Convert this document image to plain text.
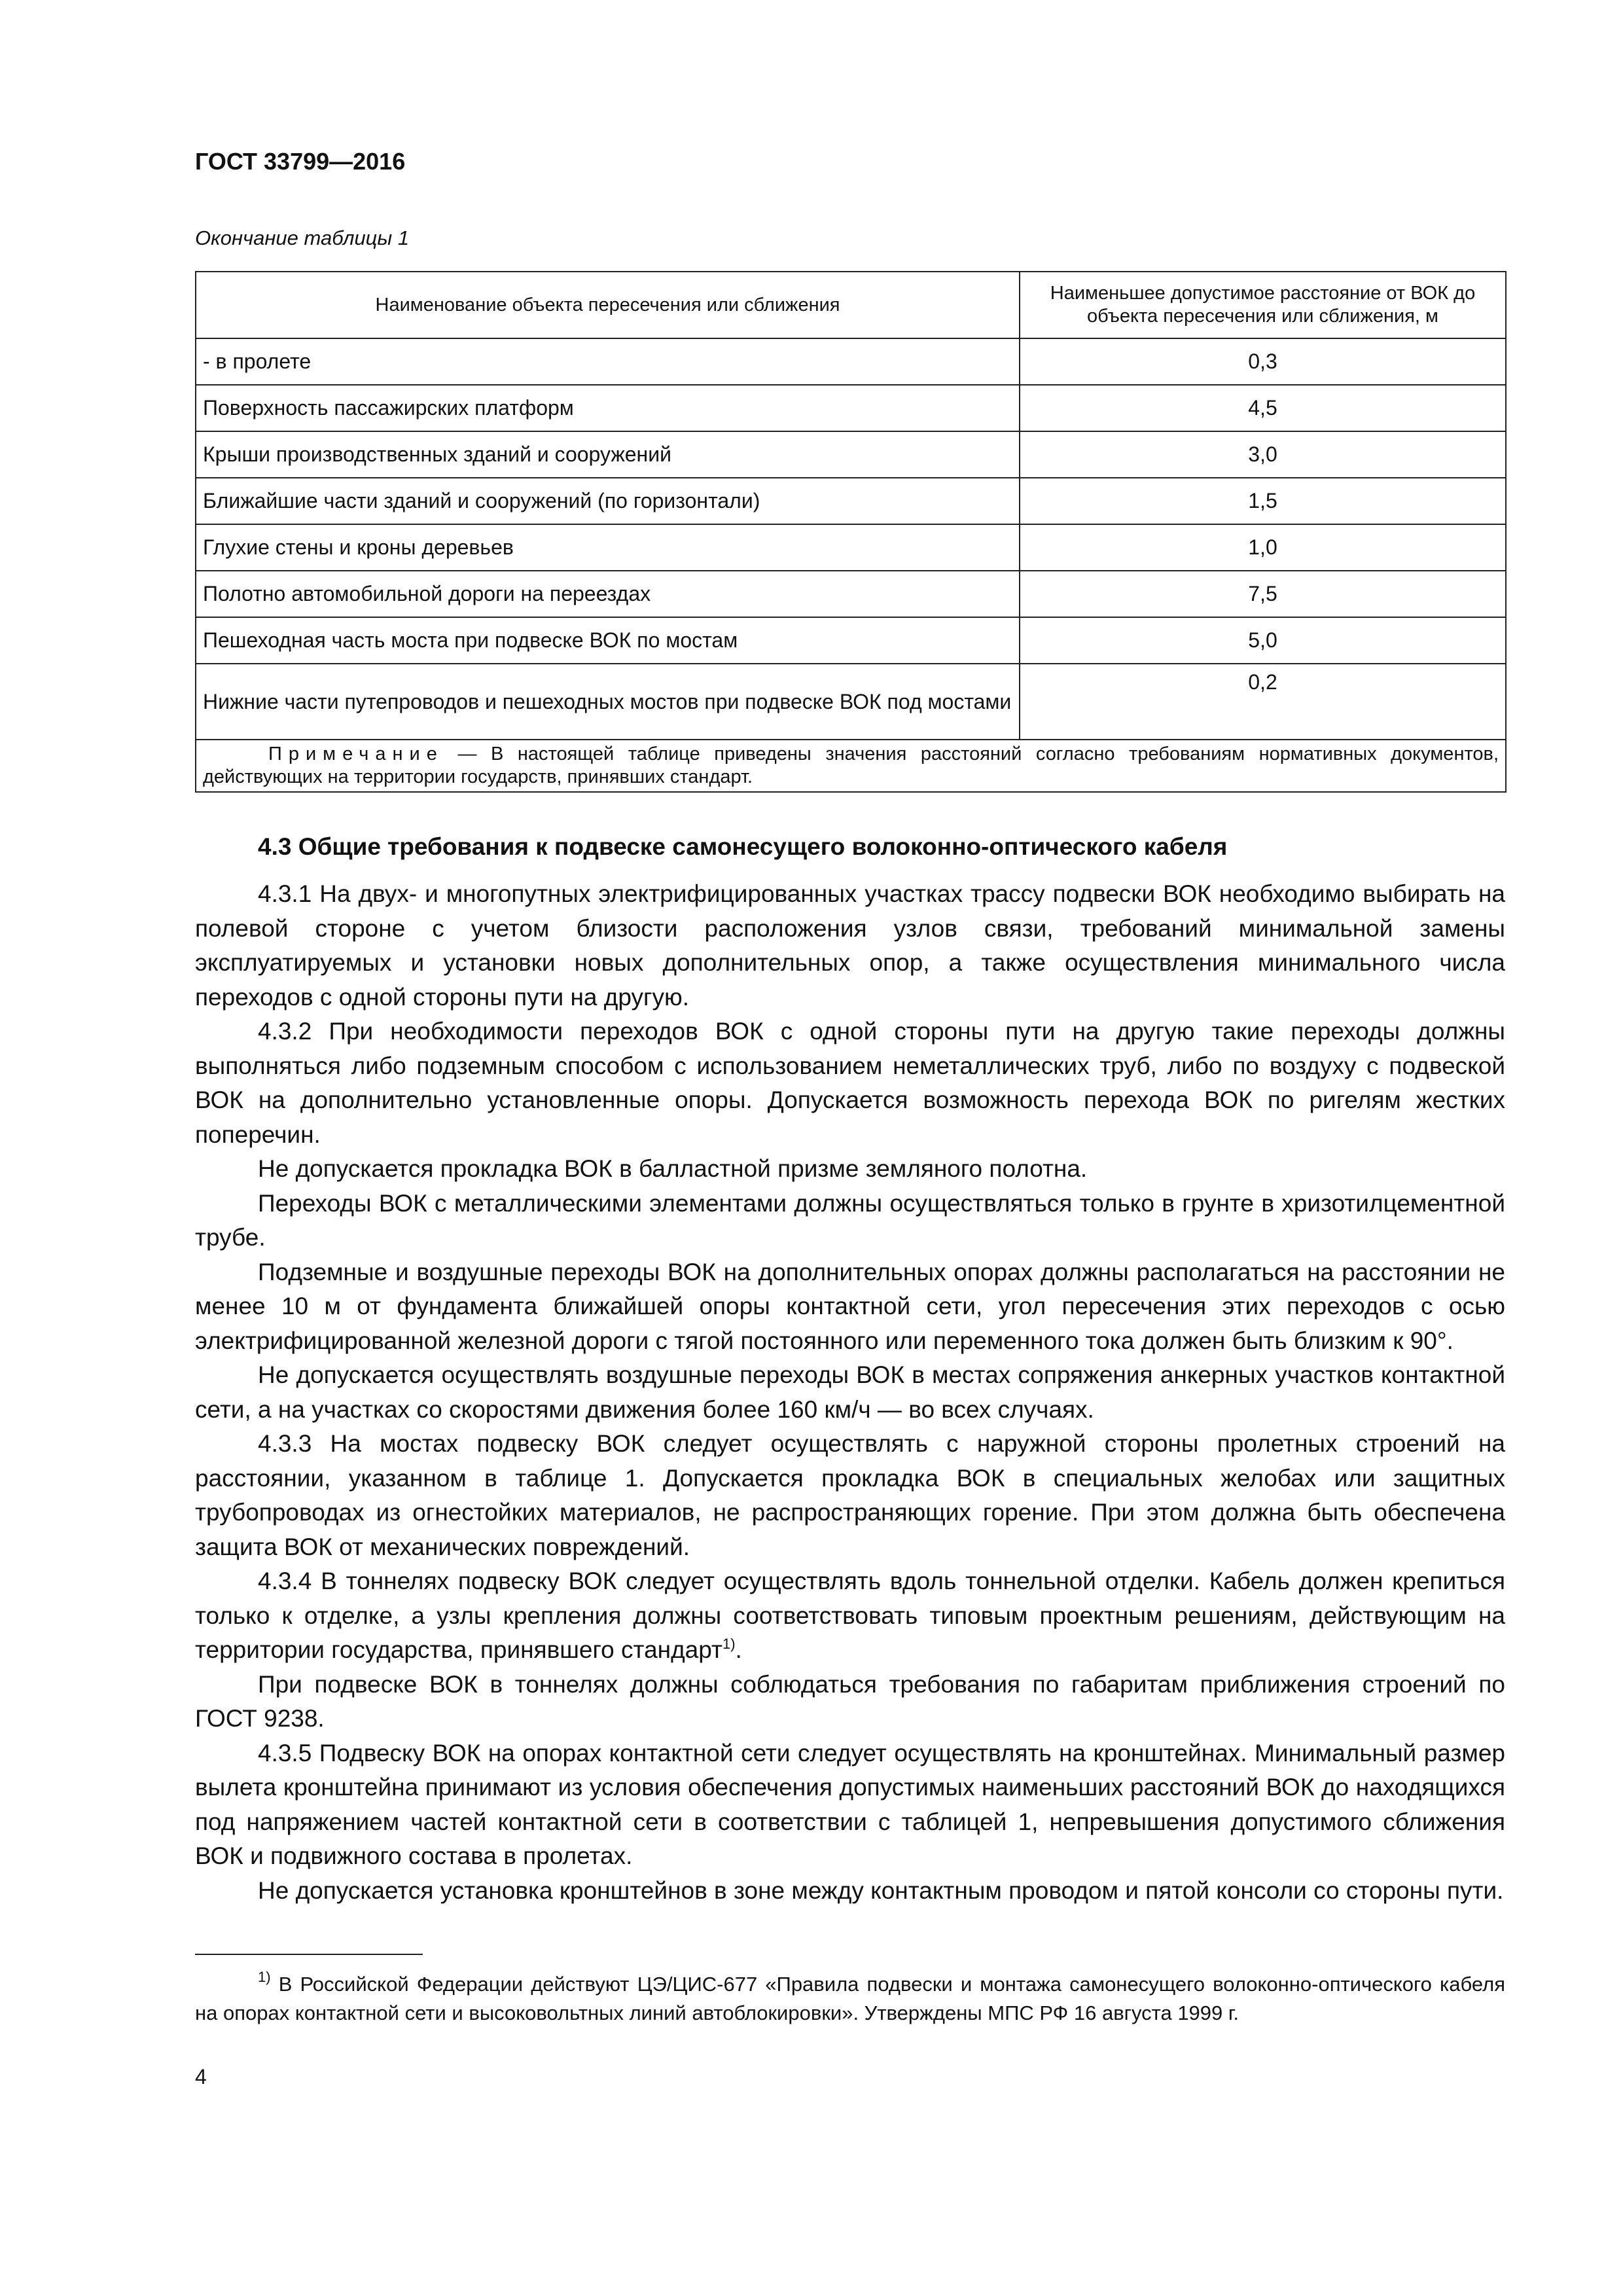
ГОСТ 33799—2016
Окончание таблицы 1
Наименование объекта пересечения или сближения	Наименьшее допустимое расстояние от ВОК до объекта пересечения или сближения, м
- в пролете	0,3
Поверхность пассажирских платформ	4,5
Крыши производственных зданий и сооружений	3,0
Ближайшие части зданий и сооружений (по горизонтали)	1,5
Глухие стены и кроны деревьев	1,0
Полотно автомобильной дороги на переездах	7,5
Пешеходная часть моста при подвеске ВОК по мостам	5,0
Нижние части путепроводов и пешеходных мостов при подвеске ВОК под мостами	0,2
Примечание — В настоящей таблице приведены значения расстояний согласно требованиям нормативных документов, действующих на территории государств, принявших стандарт.	
4.3 Общие требования к подвеске самонесущего волоконно-оптического кабеля

4.3.1 На двух- и многопутных электрифицированных участках трассу подвески ВОК необходимо выбирать на полевой стороне с учетом близости расположения узлов связи, требований минимальной замены эксплуатируемых и установки новых дополнительных опор, а также осуществления минимального числа переходов с одной стороны пути на другую.

4.3.2 При необходимости переходов ВОК с одной стороны пути на другую такие переходы должны выполняться либо подземным способом с использованием неметаллических труб, либо по воздуху с подвеской ВОК на дополнительно установленные опоры. Допускается возможность перехода ВОК по ригелям жестких поперечин.

Не допускается прокладка ВОК в балластной призме земляного полотна.

Переходы ВОК с металлическими элементами должны осуществляться только в грунте в хризотилцементной трубе.

Подземные и воздушные переходы ВОК на дополнительных опорах должны располагаться на расстоянии не менее 10 м от фундамента ближайшей опоры контактной сети, угол пересечения этих переходов с осью электрифицированной железной дороги с тягой постоянного или переменного тока должен быть близким к 90°.

Не допускается осуществлять воздушные переходы ВОК в местах сопряжения анкерных участков контактной сети, а на участках со скоростями движения более 160 км/ч — во всех случаях.

4.3.3 На мостах подвеску ВОК следует осуществлять с наружной стороны пролетных строений на расстоянии, указанном в таблице 1. Допускается прокладка ВОК в специальных желобах или защитных трубопроводах из огнестойких материалов, не распространяющих горение. При этом должна быть обеспечена защита ВОК от механических повреждений.

4.3.4 В тоннелях подвеску ВОК следует осуществлять вдоль тоннельной отделки. Кабель должен крепиться только к отделке, а узлы крепления должны соответствовать типовым проектным решениям, действующим на территории государства, принявшего стандарт$^{1)}$.

При подвеске ВОК в тоннелях должны соблюдаться требования по габаритам приближения строений по ГОСТ 9238.

4.3.5 Подвеску ВОК на опорах контактной сети следует осуществлять на кронштейнах. Минимальный размер вылета кронштейна принимают из условия обеспечения допустимых наименьших расстояний ВОК до находящихся под напряжением частей контактной сети в соответствии с таблицей 1, непревышения допустимого сближения ВОК и подвижного состава в пролетах.

Не допускается установка кронштейнов в зоне между контактным проводом и пятой консоли со стороны пути.

$^{1)}$ В Российской Федерации действуют ЦЭ/ЦИС-677 «Правила подвески и монтажа самонесущего волоконно-оптического кабеля на опорах контактной сети и высоковольтных линий автоблокировки». Утверждены МПС РФ 16 августа 1999 г.
4
